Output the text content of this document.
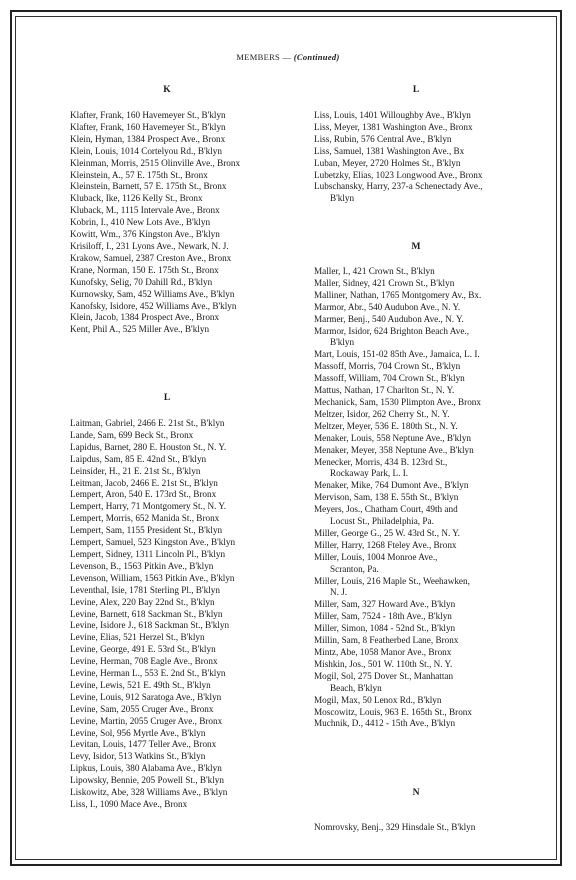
MEMBERS — (Continued)
K
Klafter, Frank, 160 Havemeyer St., B'klyn
Klafter, Frank, 160 Havemeyer St., B'klyn
Klein, Hyman, 1384 Prospect Ave., Bronx
Klein, Louis, 1014 Cortelyou Rd., B'klyn
Kleinman, Morris, 2515 Olinville Ave., Bronx
Kleinstein, A., 57 E. 175th St., Bronx
Kleinstein, Barnett, 57 E. 175th St., Bronx
Kluback, Ike, 1126 Kelly St., Bronx
Kluback, M., 1115 Intervale Ave., Bronx
Kobrin, I., 410 New Lots Ave., B'klyn
Kowitt, Wm., 376 Kingston Ave., B'klyn
Krisiloff, I., 231 Lyons Ave., Newark, N. J.
Krakow, Samuel, 2387 Creston Ave., Bronx
Krane, Norman, 150 E. 175th St., Bronx
Kunofsky, Selig, 70 Dahill Rd., B'klyn
Kurnowsky, Sam, 452 Williams Ave., B'klyn
Kanofsky, Isidore, 452 Williams Ave., B'klyn
Klein, Jacob, 1384 Prospect Ave., Bronx
Kent, Phil A., 525 Miller Ave., B'klyn
L
Laitman, Gabriel, 2466 E. 21st St., B'klyn
Lande, Sam, 699 Beck St., Bronx
Lapidus, Barnet, 280 E. Houston St., N. Y.
Laipdus, Sam, 85 E. 42nd St., B'klyn
Leinsider, H., 21 E. 21st St., B'klyn
Leitman, Jacob, 2466 E. 21st St., B'klyn
Lempert, Aron, 540 E. 173rd St., Bronx
Lempert, Harry, 71 Montgomery St., N. Y.
Lempert, Morris, 652 Manida St., Bronx
Lempert, Sam, 1155 President St., B'klyn
Lempert, Samuel, 523 Kingston Ave., B'klyn
Lempert, Sidney, 1311 Lincoln Pl., B'klyn
Levenson, B., 1563 Pitkin Ave., B'klyn
Levenson, William, 1563 Pitkin Ave., B'klyn
Leventhal, Isie, 1781 Sterling Pl., B'klyn
Levine, Alex, 220 Bay 22nd St., B'klyn
Levine, Barnett, 618 Sackman St., B'klyn
Levine, Isidore J., 618 Sackman St., B'klyn
Levine, Elias, 521 Herzel St., B'klyn
Levine, George, 491 E. 53rd St., B'klyn
Levine, Herman, 708 Eagle Ave., Bronx
Levine, Herman L., 553 E. 2nd St., B'klyn
Levine, Lewis, 521 E. 49th St., B'klyn
Levine, Louis, 912 Saratoga Ave., B'klyn
Levine, Sam, 2055 Cruger Ave., Bronx
Levine, Martin, 2055 Cruger Ave., Bronx
Levine, Sol, 956 Myrtle Ave., B'klyn
Levitan, Louis, 1477 Teller Ave., Bronx
Levy, Isidor, 513 Watkins St., B'klyn
Lipkus, Louis, 380 Alabama Ave., B'klyn
Lipowsky, Bennie, 205 Powell St., B'klyn
Liskowitz, Abe, 328 Williams Ave., B'klyn
Liss, I., 1090 Mace Ave., Bronx
L
Liss, Louis, 1401 Willoughby Ave., B'klyn
Liss, Meyer, 1381 Washington Ave., Bronx
Liss, Rubin, 576 Central Ave., B'klyn
Liss, Samuel, 1381 Washington Ave., Bx
Luban, Meyer, 2720 Holmes St., B'klyn
Lubetzky, Elias, 1023 Longwood Ave., Bronx
Lubschansky, Harry, 237-a Schenectady Ave.,
B'klyn
M
Maller, I., 421 Crown St., B'klyn
Maller, Sidney, 421 Crown St., B'klyn
Malliner, Nathan, 1765 Montgomery Av., Bx.
Marmor, Abr., 540 Audubon Ave., N. Y.
Marmer, Benj., 540 Audubon Ave., N. Y.
Marmor, Isidor, 624 Brighton Beach Ave.,
B'klyn
Mart, Louis, 151-02 85th Ave., Jamaica, L. I.
Massoff, Morris, 704 Crown St., B'klyn
Massoff, William, 704 Crown St., B'klyn
Mattus, Nathan, 17 Charlton St., N. Y.
Mechanick, Sam, 1530 Plimpton Ave., Bronx
Meltzer, Isidor, 262 Cherry St., N. Y.
Meltzer, Meyer, 536 E. 180th St., N. Y.
Menaker, Louis, 558 Neptune Ave., B'klyn
Menaker, Meyer, 358 Neptune Ave., B'klyn
Menecker, Morris, 434 B. 123rd St.,
Rockaway Park, L. I.
Menaker, Mike, 764 Dumont Ave., B'klyn
Mervison, Sam, 138 E. 55th St., B'klyn
Meyers, Jos., Chatham Court, 49th and
Locust St., Philadelphia, Pa.
Miller, George G., 25 W. 43rd St., N. Y.
Miller, Harry, 1268 Fteley Ave., Bronx
Miller, Louis, 1004 Monroe Ave.,
Scranton, Pa.
Miller, Louis, 216 Maple St., Weehawken,
N. J.
Miller, Sam, 327 Howard Ave., B'klyn
Miller, Sam, 7524 - 18th Ave., B'klyn
Miller, Simon, 1084 - 52nd St., B'klyn
Millin, Sam, 8 Featherbed Lane, Bronx
Mintz, Abe, 1058 Manor Ave., Bronx
Mishkin, Jos., 501 W. 110th St., N. Y.
Mogil, Sol, 275 Dover St., Manhattan
Beach, B'klyn
Mogil, Max, 50 Lenox Rd., B'klyn
Moscowitz, Louis, 963 E. 165th St., Bronx
Muchnik, D., 4412 - 15th Ave., B'klyn
N
Nomrovsky, Benj., 329 Hinsdale St., B'klyn
